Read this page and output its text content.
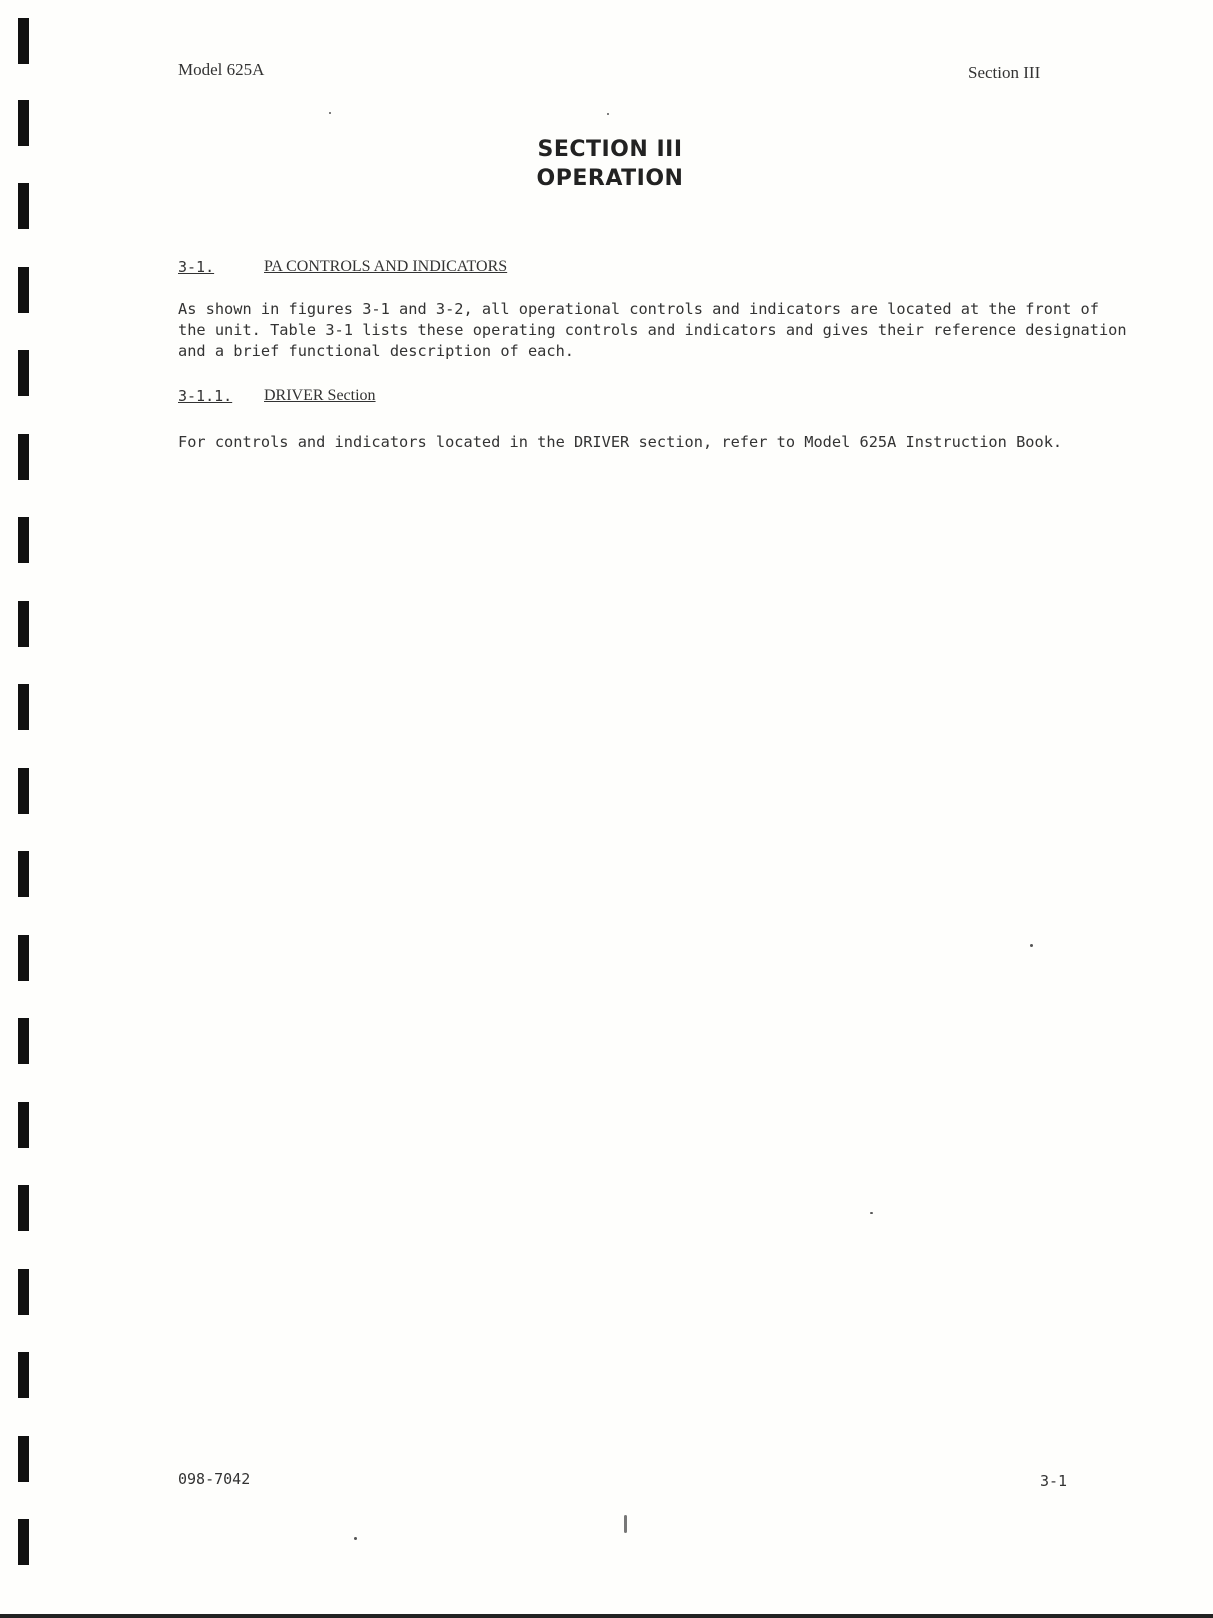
Model 625A	Section III
SECTION III
OPERATION
3-1.	PA CONTROLS AND INDICATORS
As shown in figures 3-1 and 3-2, all operational controls and indicators are located at the front of
the unit. Table 3-1 lists these operating controls and indicators and gives their reference designation
and a brief functional description of each.
3-1.1. DRIVER Section
For controls and indicators located in the DRIVER section, refer to Model 625A Instruction Book.
098-7042	3-1
